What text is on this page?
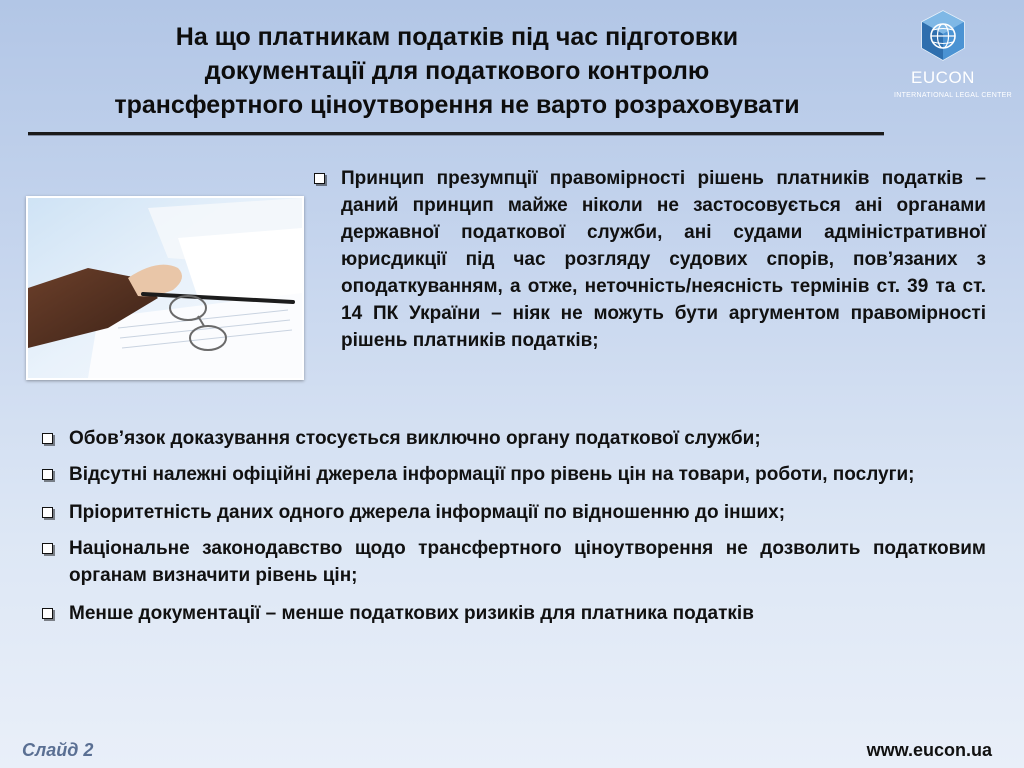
На що платникам податків під час підготовки
документації для податкового контролю
трансфертного ціноутворення не варто розраховувати
EUCON
INTERNATIONAL LEGAL CENTER
Принцип презумпції правомірності рішень платників податків – даний принцип майже ніколи не застосовується ані органами державної податкової служби, ані судами адміністративної юрисдикції під час розгляду судових спорів, пов’язаних з оподаткуванням, а отже, неточність/неясність термінів ст. 39 та ст. 14 ПК України – ніяк не можуть бути аргументом правомірності рішень платників податків;
Обов’язок доказування стосується виключно органу податкової служби;
Відсутні належні офіційні джерела інформації про рівень цін на товари, роботи, послуги;
Пріоритетність даних одного джерела інформації по відношенню до інших;
Національне законодавство щодо трансфертного ціноутворення не дозволить податковим органам визначити рівень цін;
Менше документації – менше податкових ризиків для платника податків
Слайд 2	www.eucon.ua
